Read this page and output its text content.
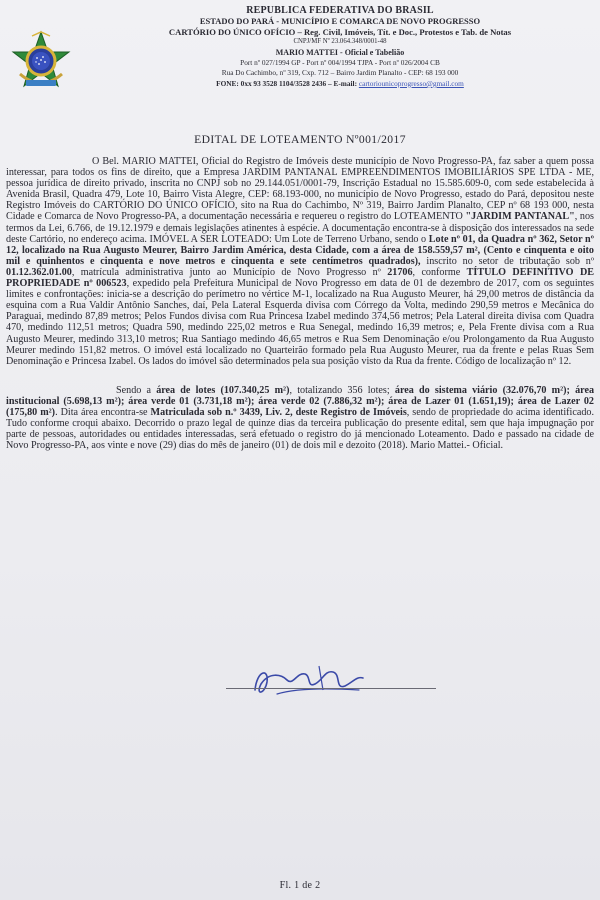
REPÚBLICA FEDERATIVA DO BRASIL
ESTADO DO PARÁ - MUNICÍPIO E COMARCA DE NOVO PROGRESSO
CARTÓRIO DO ÚNICO OFÍCIO – Reg. Civil, Imóveis, Tít. e Doc., Protestos e Tab. de Notas
CNPJ/MF Nº 23.064.348/0001-48
MARIO MATTEI - Oficial e Tabelião
Port nº 027/1994 GP - Port nº 004/1994 TJPA - Port nº 026/2004 CB
Rua Do Cachimbo, nº 319, Cxp. 712 – Bairro Jardim Planalto - CEP: 68 193 000
FONE: 0xx 93 3528 1104/3528 2436 – E-mail: cartoriounicoprogresso@gmail.com
EDITAL DE LOTEAMENTO Nº001/2017

O Bel. MARIO MATTEI, Oficial do Registro de Imóveis deste município de Novo Progresso-PA, faz saber a quem possa interessar, para todos os fins de direito, que a Empresa JARDIM PANTANAL EMPREENDIMENTOS IMOBILIÁRIOS SPE LTDA - ME, pessoa jurídica de direito privado, inscrita no CNPJ sob no 29.144.051/0001-79, Inscrição Estadual no 15.585.609-0, com sede estabelecida à Avenida Brasil, Quadra 479, Lote 10, Bairro Vista Alegre, CEP: 68.193-000, no município de Novo Progresso, estado do Pará, depositou neste Registro Imóveis do CARTÓRIO DO ÚNICO OFÍCIO, sito na Rua do Cachimbo, Nº 319, Bairro Jardim Planalto, CEP nº 68 193 000, nesta Cidade e Comarca de Novo Progresso-PA, a documentação necessária e requereu o registro do LOTEAMENTO "JARDIM PANTANAL", nos termos da Lei, 6.766, de 19.12.1979 e demais legislações atinentes à espécie. A documentação encontra-se à disposição dos interessados na sede deste Cartório, no endereço acima. IMÓVEL A SER LOTEADO: Um Lote de Terreno Urbano, sendo o Lote nº 01, da Quadra nº 362, Setor nº 12, localizado na Rua Augusto Meurer, Bairro Jardim América, desta Cidade, com a área de 158.559,57 m², (Cento e cinquenta e oito mil e quinhentos e cinquenta e nove metros e cinquenta e sete centímetros quadrados), inscrito no setor de tributação sob nº 01.12.362.01.00, matrícula administrativa junto ao Município de Novo Progresso nº 21706, conforme TÍTULO DEFINITIVO DE PROPRIEDADE nº 006523, expedido pela Prefeitura Municipal de Novo Progresso em data de 01 de dezembro de 2017, com os seguintes limites e confrontações: inicia-se a descrição do perímetro no vértice M-1, localizado na Rua Augusto Meurer, há 29,00 metros de distância da esquina com a Rua Valdir Antônio Sanches, daí, Pela Lateral Esquerda divisa com Córrego da Volta, medindo 290,59 metros e Mecânica do Paraguai, medindo 87,89 metros; Pelos Fundos divisa com Rua Princesa Izabel medindo 374,56 metros; Pela Lateral direita divisa com Quadra 470, medindo 112,51 metros; Quadra 590, medindo 225,02 metros e Rua Senegal, medindo 16,39 metros; e, Pela Frente divisa com a Rua Augusto Meurer, medindo 313,10 metros; Rua Santiago medindo 46,65 metros e Rua Sem Denominação e/ou Prolongamento da Rua Augusto Meurer medindo 151,82 metros. O imóvel está localizado no Quarteirão formado pela Rua Augusto Meurer, rua da frente e pelas Ruas Sem Denominação e Princesa Izabel. Os lados do imóvel são determinados pela sua posição visto da Rua da frente. Código de localização nº 12.

Sendo a área de lotes (107.340,25 m²), totalizando 356 lotes; área do sistema viário (32.076,70 m²); área institucional (5.698,13 m²); área verde 01 (3.731,18 m²); área verde 02 (7.886,32 m²); área de Lazer 01 (1.651,19); área de Lazer 02 (175,80 m²). Dita área encontra-se Matriculada sob n.º 3439, Liv. 2, deste Registro de Imóveis, sendo de propriedade do acima identificado. Tudo conforme croqui abaixo. Decorrido o prazo legal de quinze dias da terceira publicação do presente edital, sem que haja impugnação por parte de pessoas, autoridades ou entidades interessadas, será efetuado o registro do já mencionado Loteamento. Dado e passado na cidade de Novo Progresso-PA, aos vinte e nove (29) dias do mês de janeiro (01) de dois mil e dezoito (2018). Mario Mattei.- Oficial.

Fl. 1 de 2
